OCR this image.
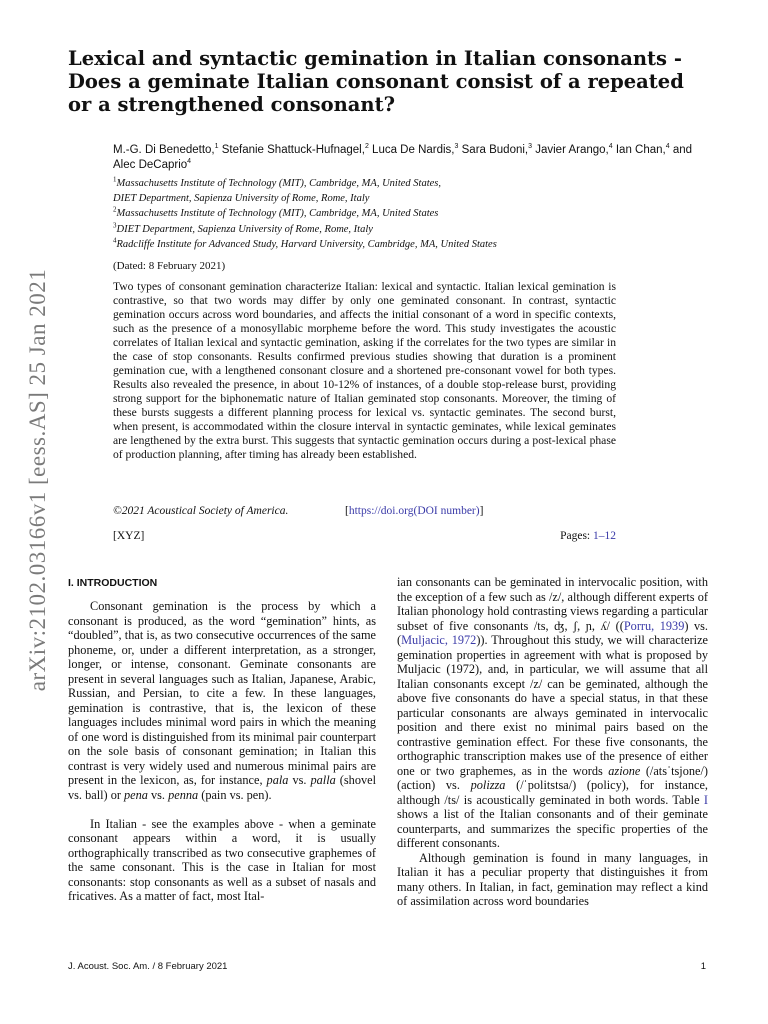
arXiv:2102.03166v1 [eess.AS] 25 Jan 2021
Lexical and syntactic gemination in Italian consonants - Does a geminate Italian consonant consist of a repeated or a strengthened consonant?
M.-G. Di Benedetto,$^1$ Stefanie Shattuck-Hufnagel,$^2$ Luca De Nardis,$^3$ Sara Budoni,$^3$ Javier Arango,$^4$ Ian Chan,$^4$ and Alec DeCaprio$^4$
$^1$Massachusetts Institute of Technology (MIT), Cambridge, MA, United States,
DIET Department, Sapienza University of Rome, Rome, Italy
$^2$Massachusetts Institute of Technology (MIT), Cambridge, MA, United States
$^3$DIET Department, Sapienza University of Rome, Rome, Italy
$^4$Radcliffe Institute for Advanced Study, Harvard University, Cambridge, MA, United States
(Dated: 8 February 2021)
Two types of consonant gemination characterize Italian: lexical and syntactic. Italian lexical gemination is contrastive, so that two words may differ by only one geminated consonant. In contrast, syntactic gemination occurs across word boundaries, and affects the initial consonant of a word in specific contexts, such as the presence of a monosyllabic morpheme before the word. This study investigates the acoustic correlates of Italian lexical and syntactic gemination, asking if the correlates for the two types are similar in the case of stop consonants. Results confirmed previous studies showing that duration is a prominent gemination cue, with a lengthened consonant closure and a shortened pre-consonant vowel for both types. Results also revealed the presence, in about 10-12% of instances, of a double stop-release burst, providing strong support for the biphonematic nature of Italian geminated stop consonants. Moreover, the timing of these bursts suggests a different planning process for lexical vs. syntactic geminates. The second burst, when present, is accommodated within the closure interval in syntactic geminates, while lexical geminates are lengthened by the extra burst. This suggests that syntactic gemination occurs during a post-lexical phase of production planning, after timing has already been established.
©2021 Acoustical Society of America.	[https://doi.org(DOI number)]
[XYZ]	Pages: 1–12
I. INTRODUCTION

Consonant gemination is the process by which a consonant is produced, as the word “gemination” hints, as “doubled”, that is, as two consecutive occurrences of the same phoneme, or, under a different interpretation, as a stronger, longer, or intense, consonant. Geminate consonants are present in several languages such as Italian, Japanese, Arabic, Russian, and Persian, to cite a few. In these languages, gemination is contrastive, that is, the lexicon of these languages includes minimal word pairs in which the meaning of one word is distinguished from its minimal pair counterpart on the sole basis of consonant gemination; in Italian this contrast is very widely used and numerous minimal pairs are present in the lexicon, as, for instance, pala vs. palla (shovel vs. ball) or pena vs. penna (pain vs. pen).

In Italian - see the examples above - when a geminate consonant appears within a word, it is usually orthographically transcribed as two consecutive graphemes of the same consonant. This is the case in Italian for most consonants: stop consonants as well as a subset of nasals and fricatives. As a matter of fact, most Ital-

ian consonants can be geminated in intervocalic position, with the exception of a few such as /z/, although different experts of Italian phonology hold contrasting views regarding a particular subset of five consonants /ts, ʤ, ʃ, ɲ, ʎ/ ((Porru, 1939) vs. (Muljacic, 1972)). Throughout this study, we will characterize gemination properties in agreement with what is proposed by Muljacic (1972), and, in particular, we will assume that all Italian consonants except /z/ can be geminated, although the above five consonants do have a special status, in that these particular consonants are always geminated in intervocalic position and there exist no minimal pairs based on the contrastive gemination effect. For these five consonants, the orthographic transcription makes use of the presence of either one or two graphemes, as in the words azione (/atsˈtsjone/) (action) vs. polizza (/ˈpolitstsa/) (policy), for instance, although /ts/ is acoustically geminated in both words. Table I shows a list of the Italian consonants and of their geminate counterparts, and summarizes the specific properties of the different consonants.

Although gemination is found in many languages, in Italian it has a peculiar property that distinguishes it from many others. In Italian, in fact, gemination may reflect a kind of assimilation across word boundaries

J. Acoust. Soc. Am. / 8 February 2021	1
